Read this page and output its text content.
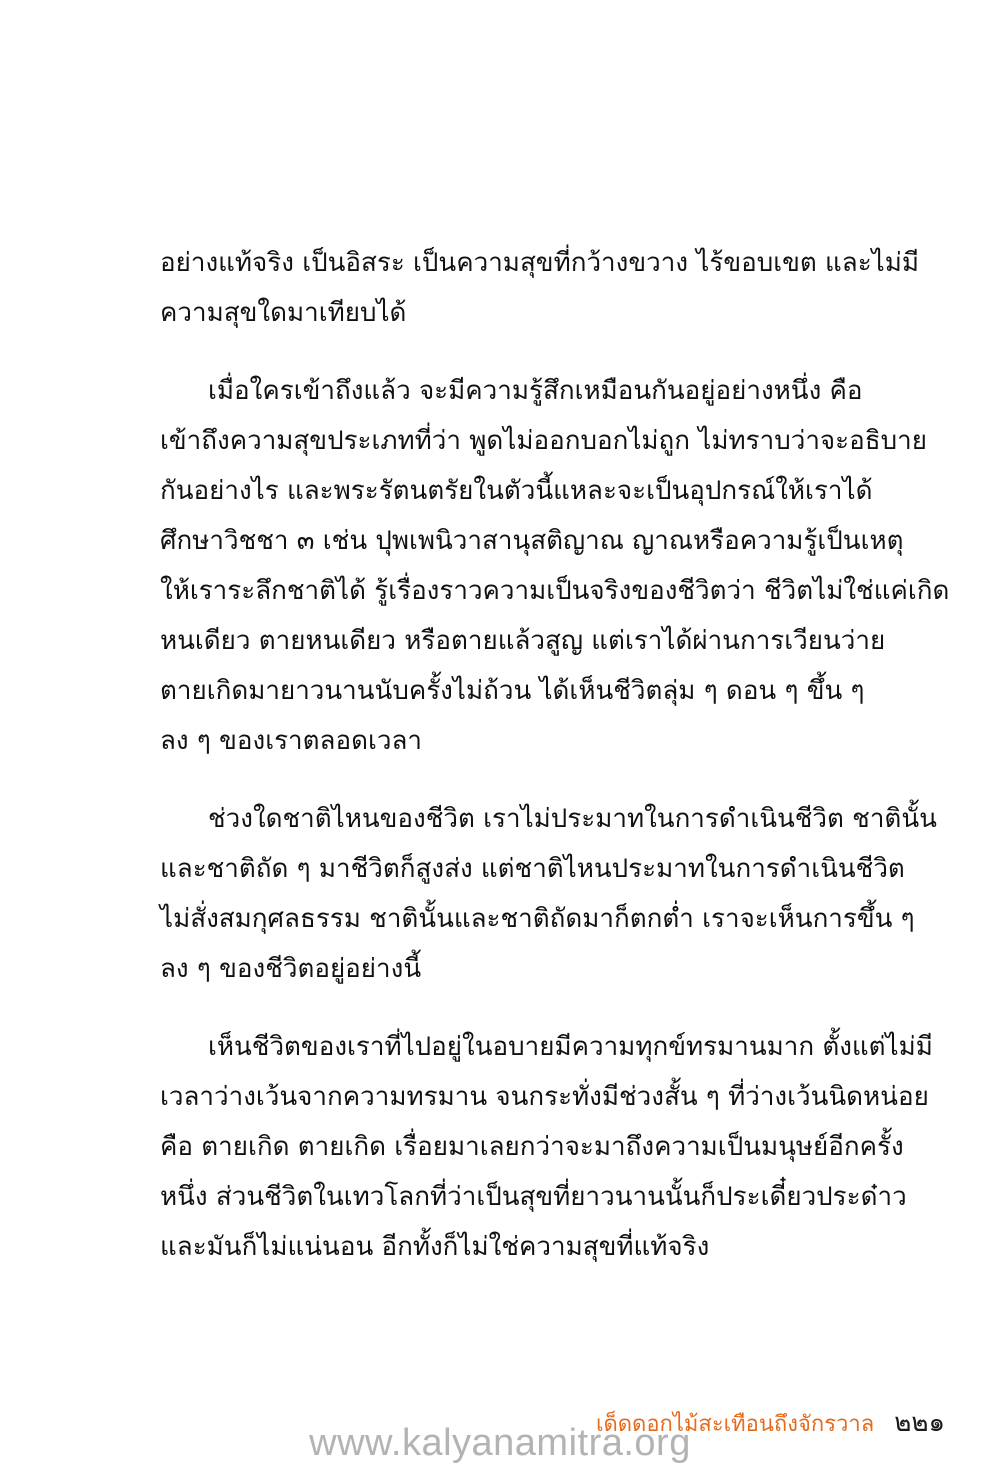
อย่างแท้จริง เป็นอิสระ เป็นความสุขที่กว้างขวาง ไร้ขอบเขต และไม่มี
ความสุขใดมาเทียบได้
เมื่อใครเข้าถึงแล้ว จะมีความรู้สึกเหมือนกันอยู่อย่างหนึ่ง คือ
เข้าถึงความสุขประเภทที่ว่า พูดไม่ออกบอกไม่ถูก ไม่ทราบว่าจะอธิบาย
กันอย่างไร และพระรัตนตรัยในตัวนี้แหละจะเป็นอุปกรณ์ให้เราได้
ศึกษาวิชชา ๓ เช่น ปุพเพนิวาสานุสติญาณ ญาณหรือความรู้เป็นเหตุ
ให้เราระลึกชาติได้ รู้เรื่องราวความเป็นจริงของชีวิตว่า ชีวิตไม่ใช่แค่เกิด
หนเดียว ตายหนเดียว หรือตายแล้วสูญ แต่เราได้ผ่านการเวียนว่าย
ตายเกิดมายาวนานนับครั้งไม่ถ้วน ได้เห็นชีวิตลุ่ม ๆ ดอน ๆ ขึ้น ๆ
ลง ๆ ของเราตลอดเวลา
ช่วงใดชาติไหนของชีวิต เราไม่ประมาทในการดำเนินชีวิต ชาตินั้น
และชาติถัด ๆ มาชีวิตก็สูงส่ง แต่ชาติไหนประมาทในการดำเนินชีวิต
ไม่สั่งสมกุศลธรรม ชาตินั้นและชาติถัดมาก็ตกต่ำ เราจะเห็นการขึ้น ๆ
ลง ๆ ของชีวิตอยู่อย่างนี้
เห็นชีวิตของเราที่ไปอยู่ในอบายมีความทุกข์ทรมานมาก ตั้งแต่ไม่มี
เวลาว่างเว้นจากความทรมาน จนกระทั่งมีช่วงสั้น ๆ ที่ว่างเว้นนิดหน่อย
คือ ตายเกิด ตายเกิด เรื่อยมาเลยกว่าจะมาถึงความเป็นมนุษย์อีกครั้ง
หนึ่ง ส่วนชีวิตในเทวโลกที่ว่าเป็นสุขที่ยาวนานนั้นก็ประเดี๋ยวประด๋าว
และมันก็ไม่แน่นอน อีกทั้งก็ไม่ใช่ความสุขที่แท้จริง
เด็ดดอกไม้สะเทือนถึงจักรวาล ๒๒๑
www.kalyanamitra.org
